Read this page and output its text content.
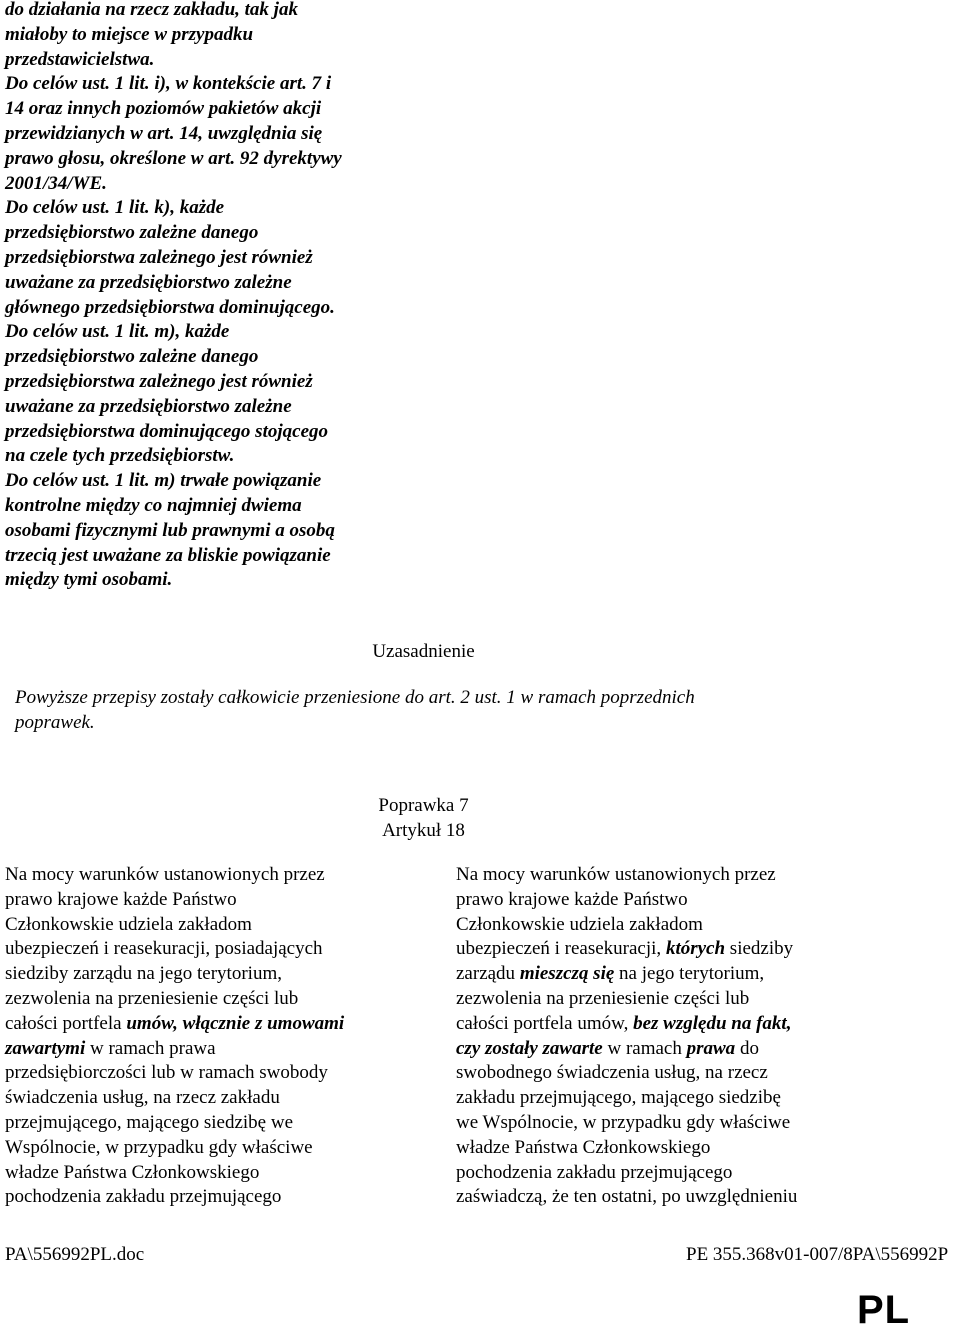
do działania na rzecz zakładu, tak jak
miałoby to miejsce w przypadku
przedstawicielstwa.
Do celów ust. 1 lit. i), w kontekście art. 7 i
14 oraz innych poziomów pakietów akcji
przewidzianych w art. 14, uwzględnia się
prawo głosu, określone w art. 92 dyrektywy
2001/34/WE.
Do celów ust. 1 lit. k), każde
przedsiębiorstwo zależne danego
przedsiębiorstwa zależnego jest również
uważane za przedsiębiorstwo zależne
głównego przedsiębiorstwa dominującego.
Do celów ust. 1 lit. m), każde
przedsiębiorstwo zależne danego
przedsiębiorstwa zależnego jest również
uważane za przedsiębiorstwo zależne
przedsiębiorstwa dominującego stojącego
na czele tych przedsiębiorstw.
Do celów ust. 1 lit. m) trwałe powiązanie
kontrolne między co najmniej dwiema
osobami fizycznymi lub prawnymi a osobą
trzecią jest uważane za bliskie powiązanie
między tymi osobami.
Uzasadnienie
Powyższe przepisy zostały całkowicie przeniesione do art. 2 ust. 1 w ramach poprzednich
poprawek.
Poprawka 7
Artykuł 18
Na mocy warunków ustanowionych przez
prawo krajowe każde Państwo
Członkowskie udziela zakładom
ubezpieczeń i reasekuracji, posiadających
siedziby zarządu na jego terytorium,
zezwolenia na przeniesienie części lub
całości portfela umów, włącznie z umowami
zawartymi w ramach prawa
przedsiębiorczości lub w ramach swobody
świadczenia usług, na rzecz zakładu
przejmującego, mającego siedzibę we
Wspólnocie, w przypadku gdy właściwe
władze Państwa Członkowskiego
pochodzenia zakładu przejmującego
Na mocy warunków ustanowionych przez
prawo krajowe każde Państwo
Członkowskie udziela zakładom
ubezpieczeń i reasekuracji, których siedziby
zarządu mieszczą się na jego terytorium,
zezwolenia na przeniesienie części lub
całości portfela umów, bez względu na fakt,
czy zostały zawarte w ramach prawa do
swobodnego świadczenia usług, na rzecz
zakładu przejmującego, mającego siedzibę
we Wspólnocie, w przypadku gdy właściwe
władze Państwa Członkowskiego
pochodzenia zakładu przejmującego
zaświadczą, że ten ostatni, po uwzględnieniu
PA\556992PL.doc	PE 355.368v01-007/8PA\556992P
PL
